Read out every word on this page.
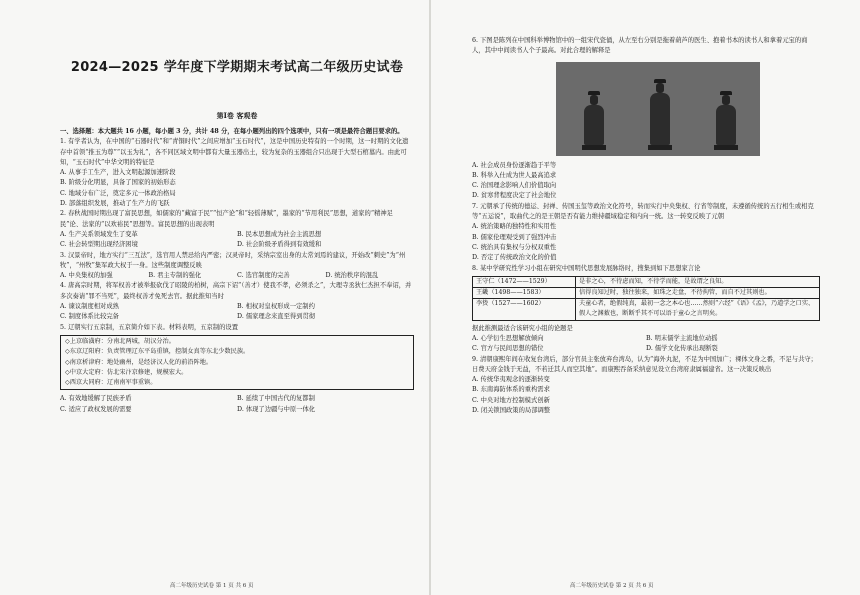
2024—2025 学年度下学期期末考试高二年级历史试卷
第Ⅰ卷 客观卷

一、选择题：本大题共 16 小题，每小题 3 分，共计 48 分，在每小题列出的四个选项中，只有一项是最符合题目要求的。

1. 有学者认为，在中国的“石器时代”和“青铜时代”之间应增加“玉石时代”，这是中国历史特有的一个时期，这一时期的文化遗存中首领“推玉为尊”“以玉为礼”，各不同区域文明中都有大量玉器出土，较为复杂的玉器组合只出现于大型石棺墓内。由此可知，“玉石时代”中华文明的特征是

A. 从事手工生产，进入文明起源加速阶段

B. 阶级分化明显，具备了国家的初始形态

C. 地域分布广泛，奠定多元一体政治格局

D. 部落组织发展，推动了生产力的飞跃

2. 春秋战国时期出现了富民思想，如儒家的“藏富于民”“恒产论”和“轻徭薄赋”，墨家的“节用利民”思想，道家的“精神足民”论、法家的“以欢裕民”思想等。富民思想的出现表明

A. 生产关系领域发生了变革	B. 民本思想成为社会主流思想
C. 社会转型期出现经济困境	D. 社会阶级矛盾得到有效缓和

3. 汉景帝时，地方实行“三互法”，选官用人禁忌给内严密；汉灵帝时，采纳宗室出身的太常刘焉的建议，开始改“刺史”为“州牧”，“州牧”集军政大权于一身。这些制度调整反映

A. 中央集权的加强	B. 君主专制的强化	C. 选官制度的完善	D. 统治秩序的混乱

4. 唐高宗时期，将军权善才被举报砍伐了昭陵的柏树，高宗下诏“（善才）使我不孝，必须杀之”，大理寺丞狄仁杰担不奉诏，并多次奏请“罪不当死”，最终权善才免死去官。据此推知当时

A. 谏议制度相对成熟	B. 相权对皇权形成一定制约
C. 制度体系比较完备	D. 儒家理念来直至得到贯彻

5. 辽朝实行五京制，五京简介如下表。材料表明，五京制的设置

◇上京临潢府：分南北两城，胡汉分治。
◇东京辽阳府：负责管理辽东平岛重镇，控制女真等东北少数民族。
◇南京析津府：地处幽州，是经济汉人化的前沿阵地。
◇中京大定府：仿北宋汴京修建，规模宏大。
◇西京大同府：辽南南军事重镇。
A. 有效地缓解了民族矛盾	B. 延续了中国古代的复都制
C. 适应了政权发展的需要	D. 体现了边疆与中原一体化
高二年级历史试卷 第 1 页 共 6 页

6. 下图是陈列在中国科举博物馆中的一组宋代瓷俑，从左至右分别是拖着葫芦的医生、抱着书本的读书人和拿着元宝的商人，其中中间读书人个子最高。对此合理的解释是

A. 社会成员身份逐渐趋于平等

B. 科举入仕成为世人最高追求

C. 治国理念影响人们价值取向

D. 贫寒背程度决定了社会地位

7. 元朝承了传统的德运、封禅、传国玉玺等政治文化符号，转而实行中央集权、行省等制度，未遵循传统的五行相生或相克等“五运说”，取曲代之的是王朝是否有能力维持疆域稳定和内向一统。这一转变反映了元朝

A. 统治策略的独特性和实用性

B. 儒家伦理观受到了强烈冲击

C. 统治具有集权与分权双重性

D. 否定了传统政治文化的价值

8. 某中学研究性学习小组在研究中国明代思想发展脉络时，搜集到如下思想家言论

王守仁（1472——1529）	是非之心，不待虑而知，不待学而能，是故谓之良知。
王畿（1498——1583）	信得良知过时，独往独来，如珠之走盘，不待拘管，而自不过其则也。
李贽（1527——1602）	夫童心者，绝假纯真，最初一念之本心也……然则“六经”《语》《孟》，乃道学之口实、假人之渊薮也，断断乎其不可以语于童心之言明矣。

据此推测最适合该研究小组的论题是

A. 心学衍生思想解放倾向	B. 明末儒学主流地位动摇
C. 官方与民间思想的错位	D. 儒学文化传承出现断裂

9. 清朝康熙年间在收复台湾后，部分官员主张放弃台湾岛，认为“海外丸泥，不足为中国加广；裸体文身之番，不足与共守；日费天府金钱于无益，不若迁其人而空其地”。而康熙吞备采纳意见设立台湾府隶属福建省。这一决策反映出

A. 传统华夷观念的逐渐转变

B. 东南海防体系的重构需求

C. 中央对地方控制模式创新

D. 闭关锁国政策的局部调整

高二年级历史试卷 第 2 页 共 6 页
